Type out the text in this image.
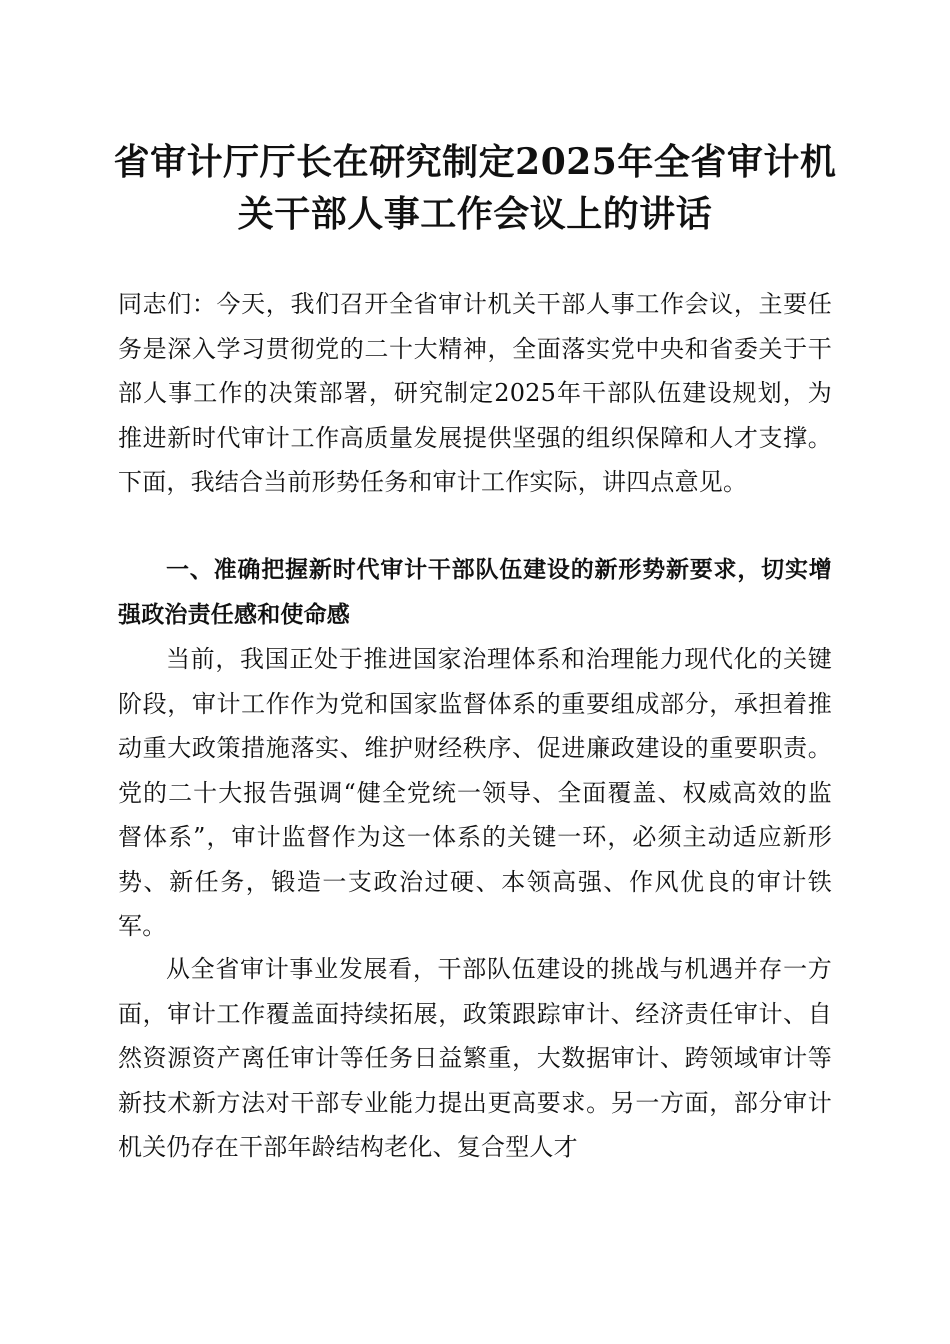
省审计厅厅长在研究制定2025年全省审计机
关干部人事工作会议上的讲话

同志们：今天，我们召开全省审计机关干部人事工作会议，主要任务是深入学习贯彻党的二十大精神，全面落实党中央和省委关于干部人事工作的决策部署，研究制定2025年干部队伍建设规划，为推进新时代审计工作高质量发展提供坚强的组织保障和人才支撑。下面，我结合当前形势任务和审计工作实际，讲四点意见。

一、准确把握新时代审计干部队伍建设的新形势新要求，切实增强政治责任感和使命感

当前，我国正处于推进国家治理体系和治理能力现代化的关键阶段，审计工作作为党和国家监督体系的重要组成部分，承担着推动重大政策措施落实、维护财经秩序、促进廉政建设的重要职责。党的二十大报告强调“健全党统一领导、全面覆盖、权威高效的监督体系”，审计监督作为这一体系的关键一环，必须主动适应新形势、新任务，锻造一支政治过硬、本领高强、作风优良的审计铁军。

从全省审计事业发展看，干部队伍建设的挑战与机遇并存一方面，审计工作覆盖面持续拓展，政策跟踪审计、经济责任审计、自然资源资产离任审计等任务日益繁重，大数据审计、跨领域审计等新技术新方法对干部专业能力提出更高要求。另一方面，部分审计机关仍存在干部年龄结构老化、复合型人才
